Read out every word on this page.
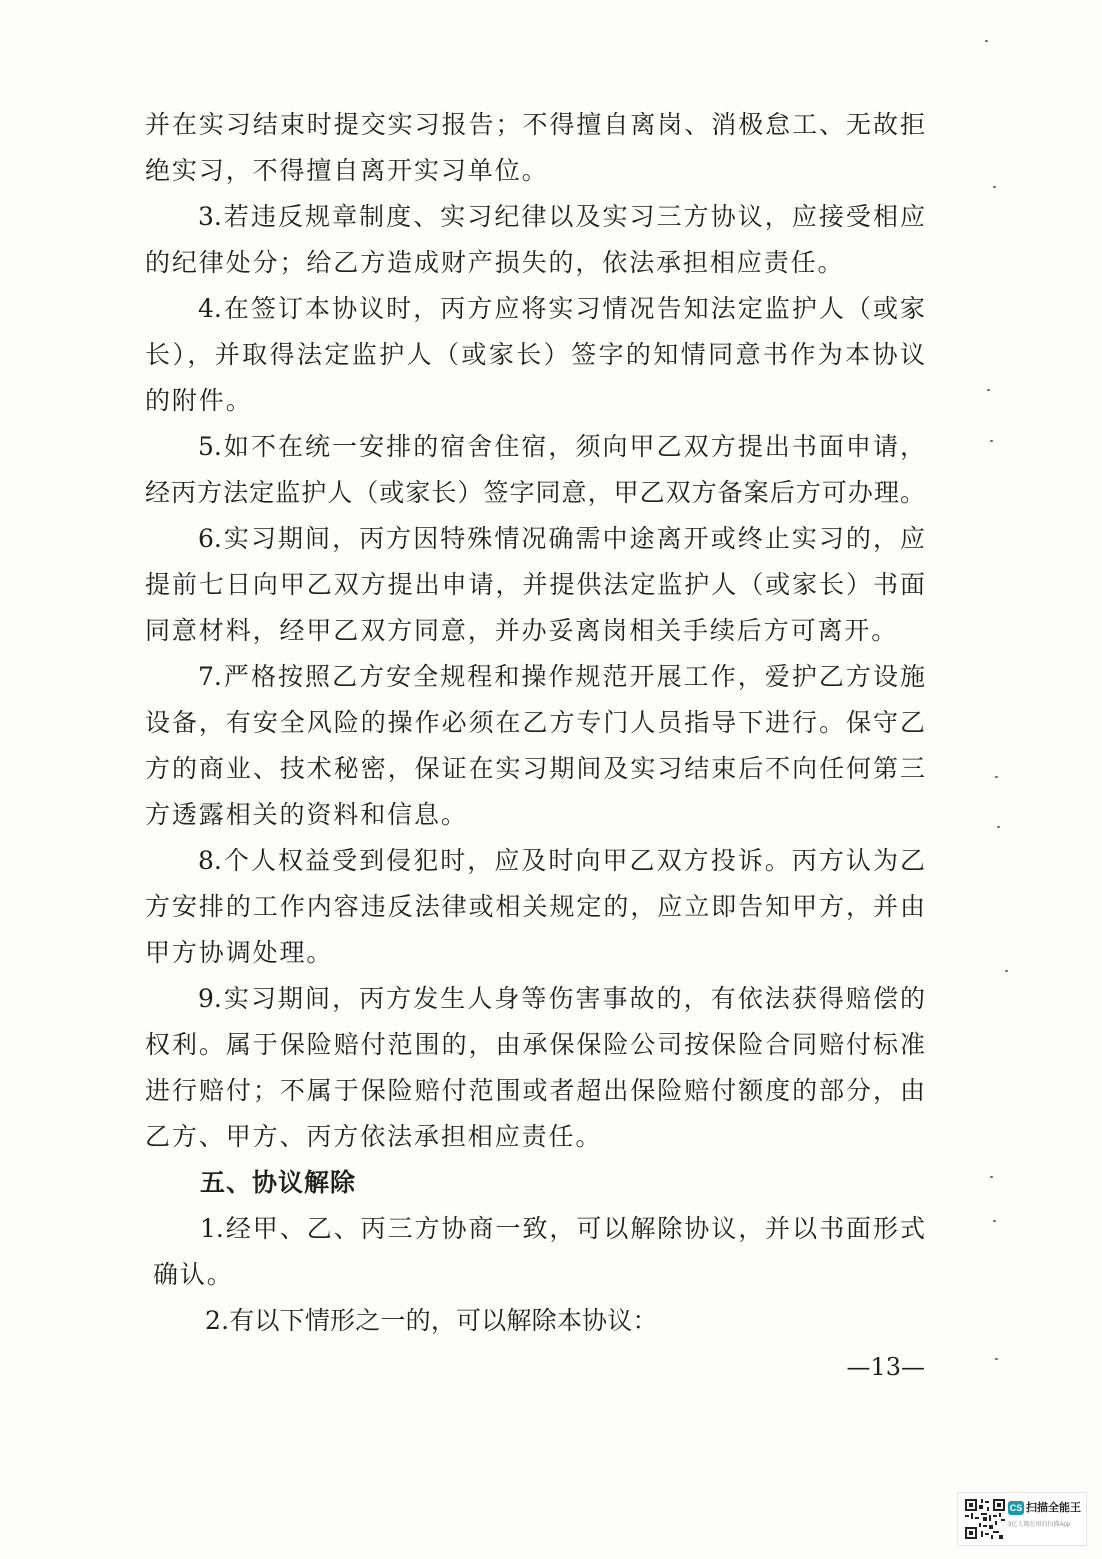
并在实习结束时提交实习报告；不得擅自离岗、消极怠工、无故拒
绝实习，不得擅自离开实习单位。
3.若违反规章制度、实习纪律以及实习三方协议，应接受相应
的纪律处分；给乙方造成财产损失的，依法承担相应责任。
4.在签订本协议时，丙方应将实习情况告知法定监护人（或家
长），并取得法定监护人（或家长）签字的知情同意书作为本协议
的附件。
5.如不在统一安排的宿舍住宿，须向甲乙双方提出书面申请，
经丙方法定监护人（或家长）签字同意，甲乙双方备案后方可办理。
6.实习期间，丙方因特殊情况确需中途离开或终止实习的，应
提前七日向甲乙双方提出申请，并提供法定监护人（或家长）书面
同意材料，经甲乙双方同意，并办妥离岗相关手续后方可离开。
7.严格按照乙方安全规程和操作规范开展工作，爱护乙方设施
设备，有安全风险的操作必须在乙方专门人员指导下进行。保守乙
方的商业、技术秘密，保证在实习期间及实习结束后不向任何第三
方透露相关的资料和信息。
8.个人权益受到侵犯时，应及时向甲乙双方投诉。丙方认为乙
方安排的工作内容违反法律或相关规定的，应立即告知甲方，并由
甲方协调处理。
9.实习期间，丙方发生人身等伤害事故的，有依法获得赔偿的
权利。属于保险赔付范围的，由承保保险公司按保险合同赔付标准
进行赔付；不属于保险赔付范围或者超出保险赔付额度的部分，由
乙方、甲方、丙方依法承担相应责任。
五、协议解除
1.经甲、乙、丙三方协商一致，可以解除协议，并以书面形式
确认。
2.有以下情形之一的，可以解除本协议：
—13—
CS 扫描全能王
3亿人都在用的扫描App
